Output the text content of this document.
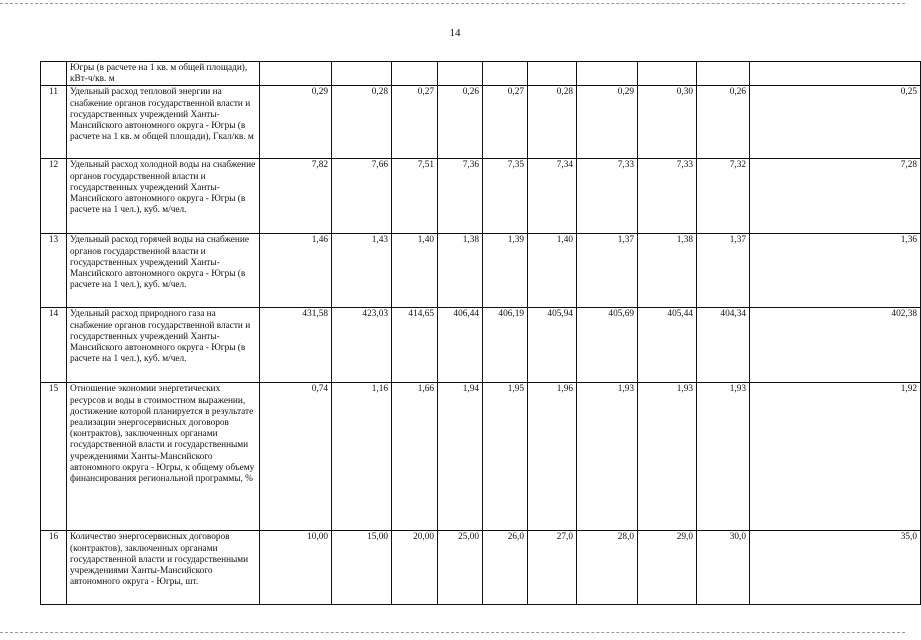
14
	Югры (в расчете на 1 кв. м общей площади), кВт-ч/кв. м										
11	Удельный расход тепловой энергии на снабжение органов государственной власти и государственных учреждений Ханты-Мансийского автономного округа - Югры (в расчете на 1 кв. м общей площади), Гкал/кв. м	0,29	0,28	0,27	0,26	0,27	0,28	0,29	0,30	0,26	0,25
12	Удельный расход холодной воды на снабжение органов государственной власти и государственных учреждений Ханты-Мансийского автономного округа - Югры (в расчете на 1 чел.), куб. м/чел.	7,82	7,66	7,51	7,36	7,35	7,34	7,33	7,33	7,32	7,28
13	Удельный расход горячей воды на снабжение органов государственной власти и государственных учреждений Ханты-Мансийского автономного округа - Югры (в расчете на 1 чел.), куб. м/чел.	1,46	1,43	1,40	1,38	1,39	1,40	1,37	1,38	1,37	1,36
14	Удельный расход природного газа на снабжение органов государственной власти и государственных учреждений Ханты-Мансийского автономного округа - Югры (в расчете на 1 чел.), куб. м/чел.	431,58	423,03	414,65	406,44	406,19	405,94	405,69	405,44	404,34	402,38
15	Отношение экономии энергетических ресурсов и воды в стоимостном выражении, достижение которой планируется в результате реализации энергосервисных договоров (контрактов), заключенных органами государственной власти и государственными учреждениями Ханты-Мансийского автономного округа - Югры, к общему объему финансирования региональной программы, %	0,74	1,16	1,66	1,94	1,95	1,96	1,93	1,93	1,93	1,92
16	Количество энергосервисных договоров (контрактов), заключенных органами государственной власти и государственными учреждениями Ханты-Мансийского автономного округа - Югры, шт.	10,00	15,00	20,00	25,00	26,0	27,0	28,0	29,0	30,0	35,0
